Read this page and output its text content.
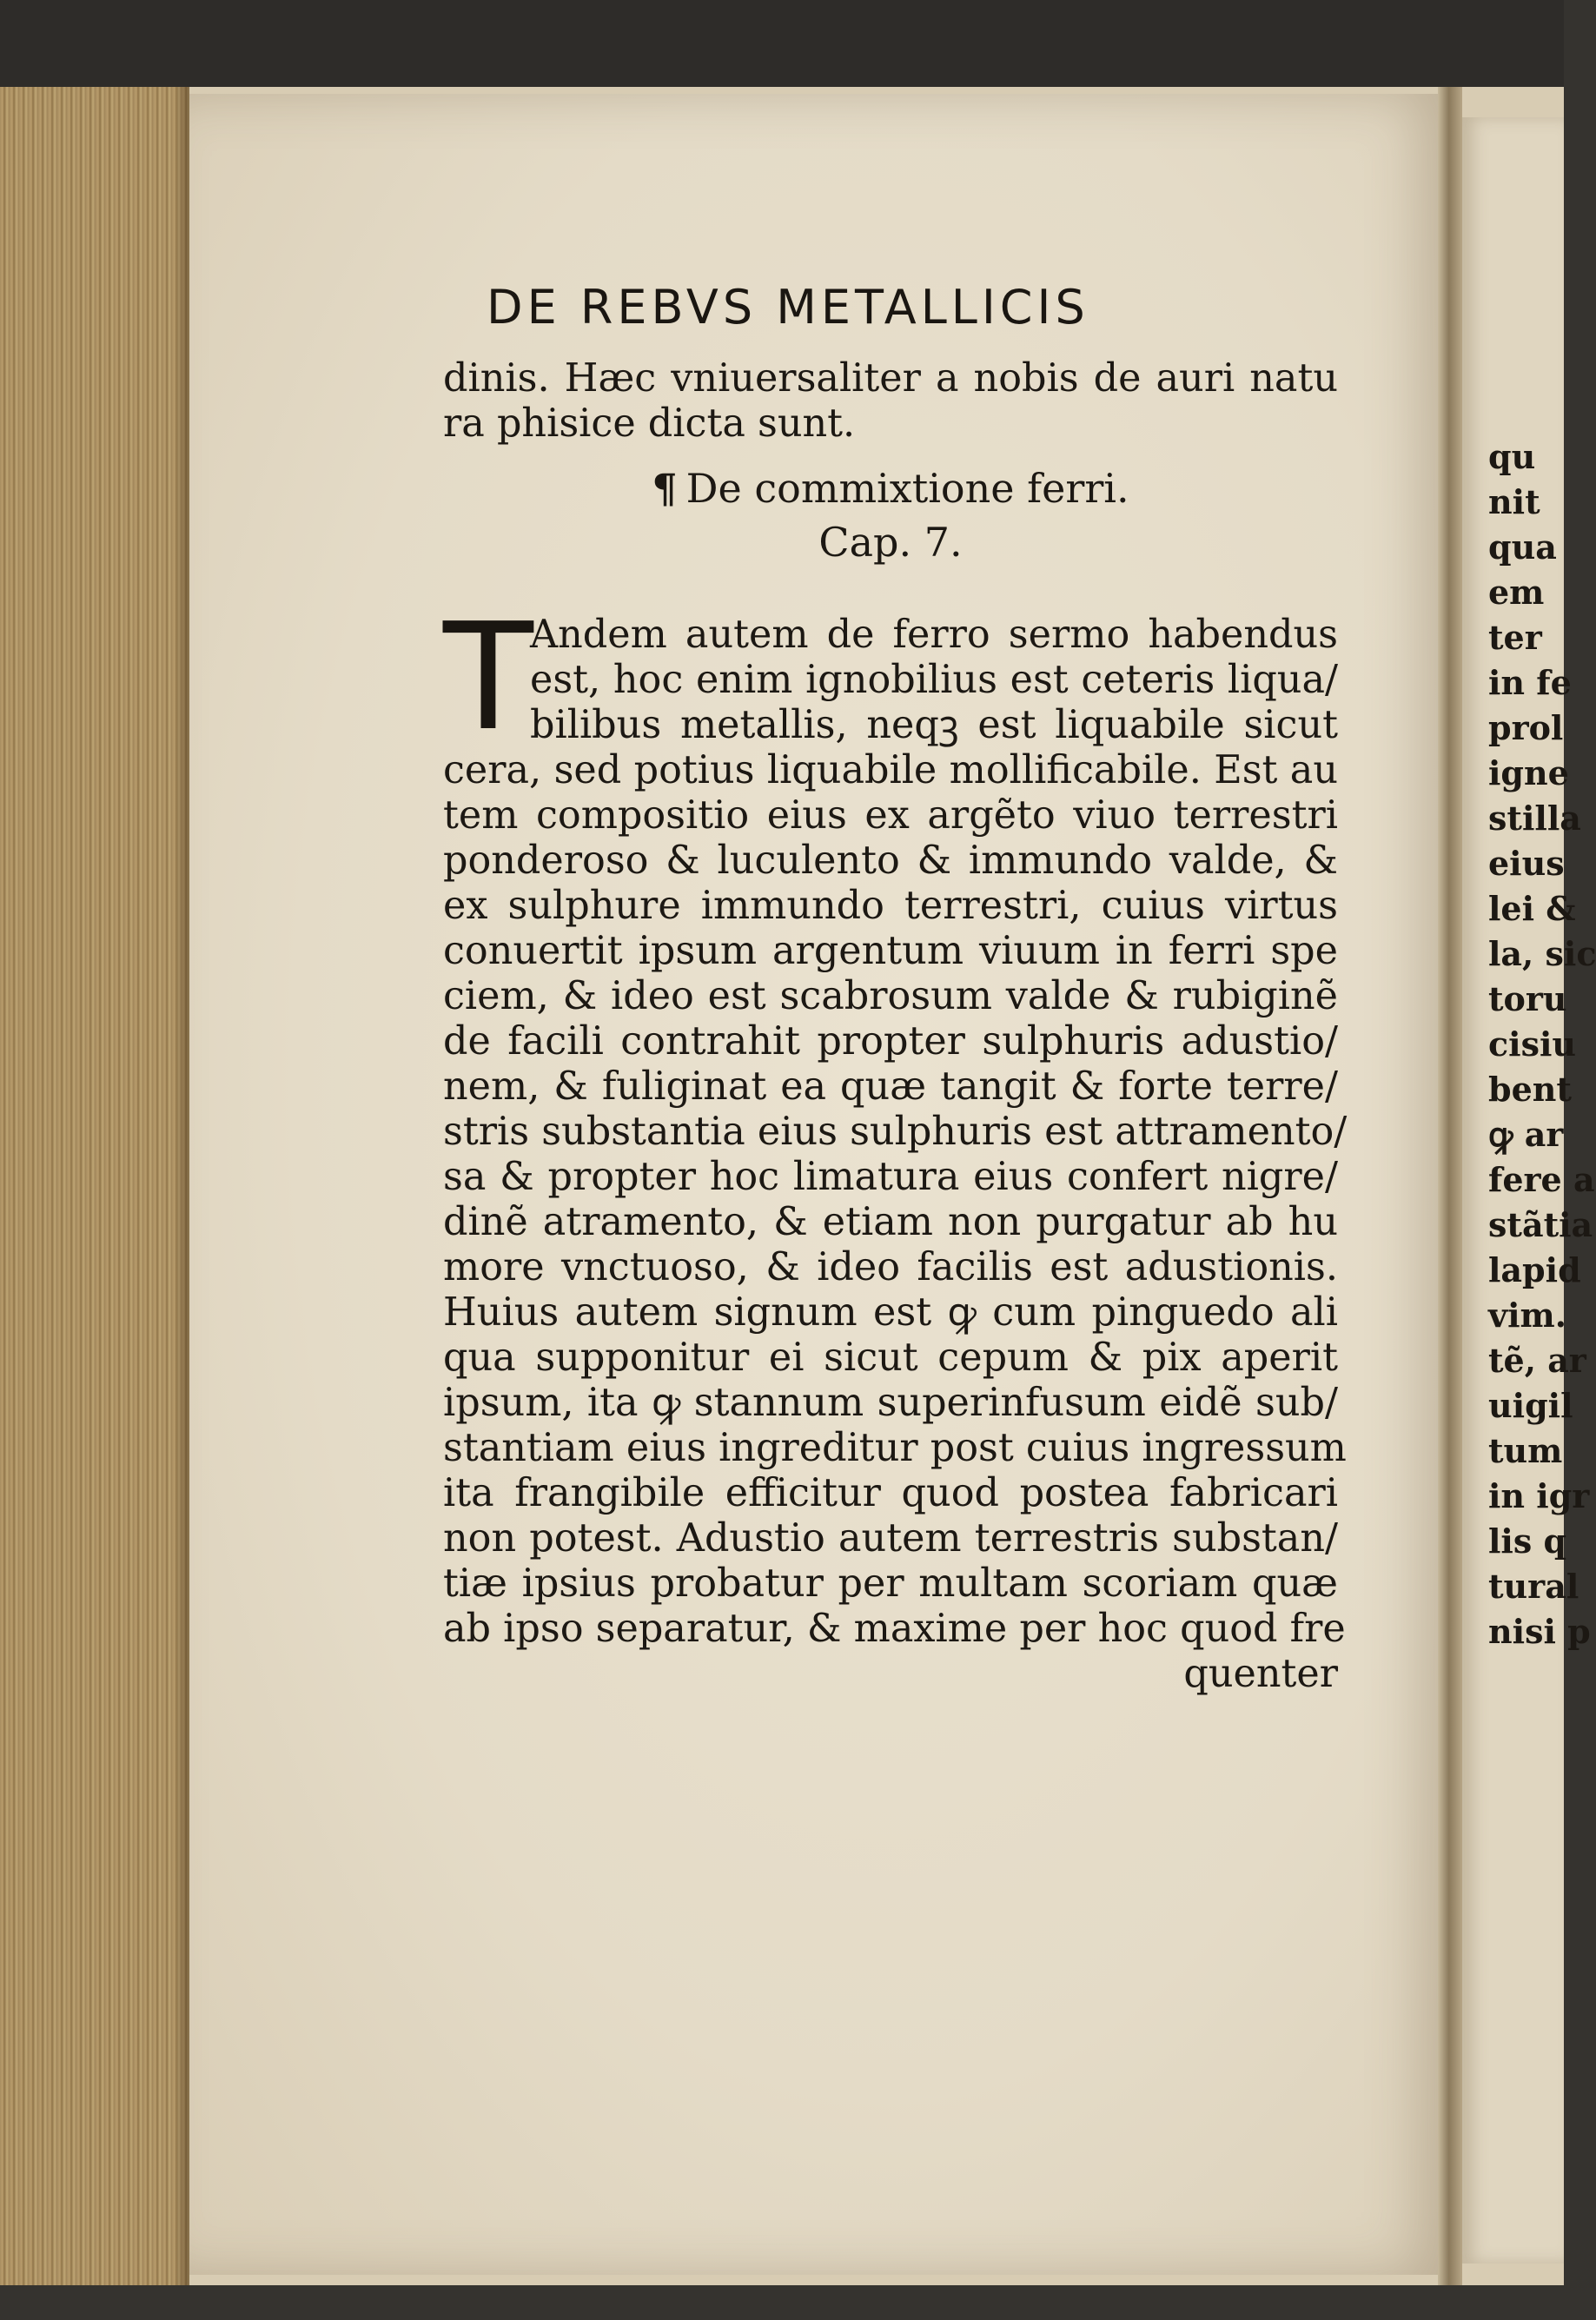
qu
nit
qua
em
ter
in fe
prol
igne
stilla
eius
lei &
la, sic
toru
cisiu
bent
ꝙ ar
fere a
stãtia
lapid
vim.
tẽ, ar
uigil
tum
in igr
lis q
tural
nisi p
DE REBVS METALLICIS
dinis. Hæc vniuersaliter a nobis de auri natu
ra phisice dicta sunt.
¶ De commixtione ferri.
Cap. 7.
T
Andem autem de ferro sermo habendus
est, hoc enim ignobilius est ceteris liqua/
bilibus metallis, neqꝫ est liquabile sicut
cera, sed potius liquabile mollificabile. Est au
tem compositio eius ex argẽto viuo terrestri
ponderoso & luculento & immundo valde, &
ex sulphure immundo terrestri, cuius virtus
conuertit ipsum argentum viuum in ferri spe
ciem, & ideo est scabrosum valde & rubiginẽ
de facili contrahit propter sulphuris adustio/
nem, & fuliginat ea quæ tangit & forte terre/
stris substantia eius sulphuris est attramento/
sa & propter hoc limatura eius confert nigre/
dinẽ atramento, & etiam non purgatur ab hu
more vnctuoso, & ideo facilis est adustionis.
Huius autem signum est ꝙ cum pinguedo ali
qua supponitur ei sicut cepum & pix aperit
ipsum, ita ꝙ stannum superinfusum eidẽ sub/
stantiam eius ingreditur post cuius ingressum
ita frangibile efficitur quod postea fabricari
non potest. Adustio autem terrestris substan/
tiæ ipsius probatur per multam scoriam quæ
ab ipso separatur, & maxime per hoc quod fre
quenter
